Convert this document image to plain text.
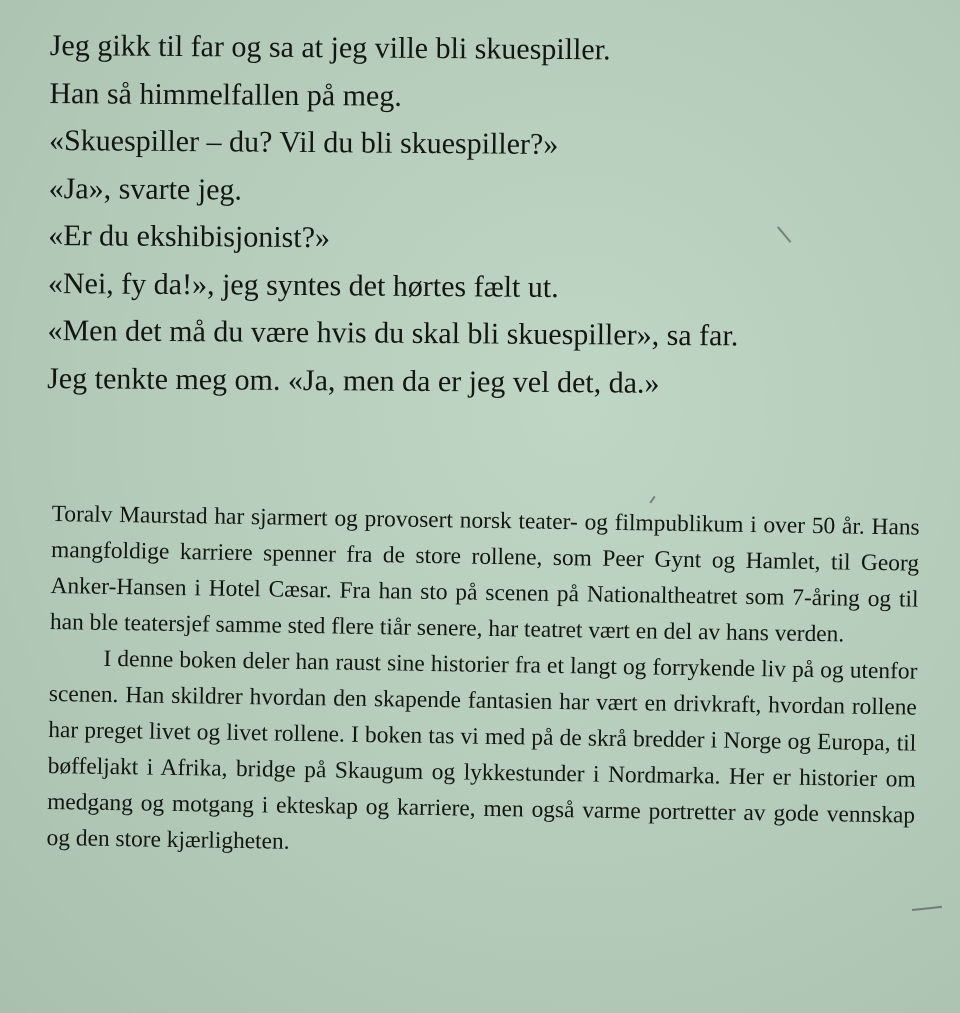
Jeg gikk til far og sa at jeg ville bli skuespiller.
Han så himmelfallen på meg.
«Skuespiller – du? Vil du bli skuespiller?»
«Ja», svarte jeg.
«Er du ekshibisjonist?»
«Nei, fy da!», jeg syntes det hørtes fælt ut.
«Men det må du være hvis du skal bli skuespiller», sa far.
Jeg tenkte meg om. «Ja, men da er jeg vel det, da.»

Toralv Maurstad har sjarmert og provosert norsk teater- og filmpublikum i over 50 år. Hans mangfoldige karriere spenner fra de store rollene, som Peer Gynt og Hamlet, til Georg Anker-Hansen i Hotel Cæsar. Fra han sto på scenen på Nationaltheatret som 7-åring og til han ble teatersjef samme sted flere tiår senere, har teatret vært en del av hans verden.

I denne boken deler han raust sine historier fra et langt og forrykende liv på og utenfor scenen. Han skildrer hvordan den skapende fantasien har vært en drivkraft, hvordan rollene har preget livet og livet rollene. I boken tas vi med på de skrå bredder i Norge og Europa, til bøffeljakt i Afrika, bridge på Skaugum og lykkestunder i Nordmarka. Her er historier om medgang og motgang i ekteskap og karriere, men også varme portretter av gode vennskap og den store kjærligheten.
